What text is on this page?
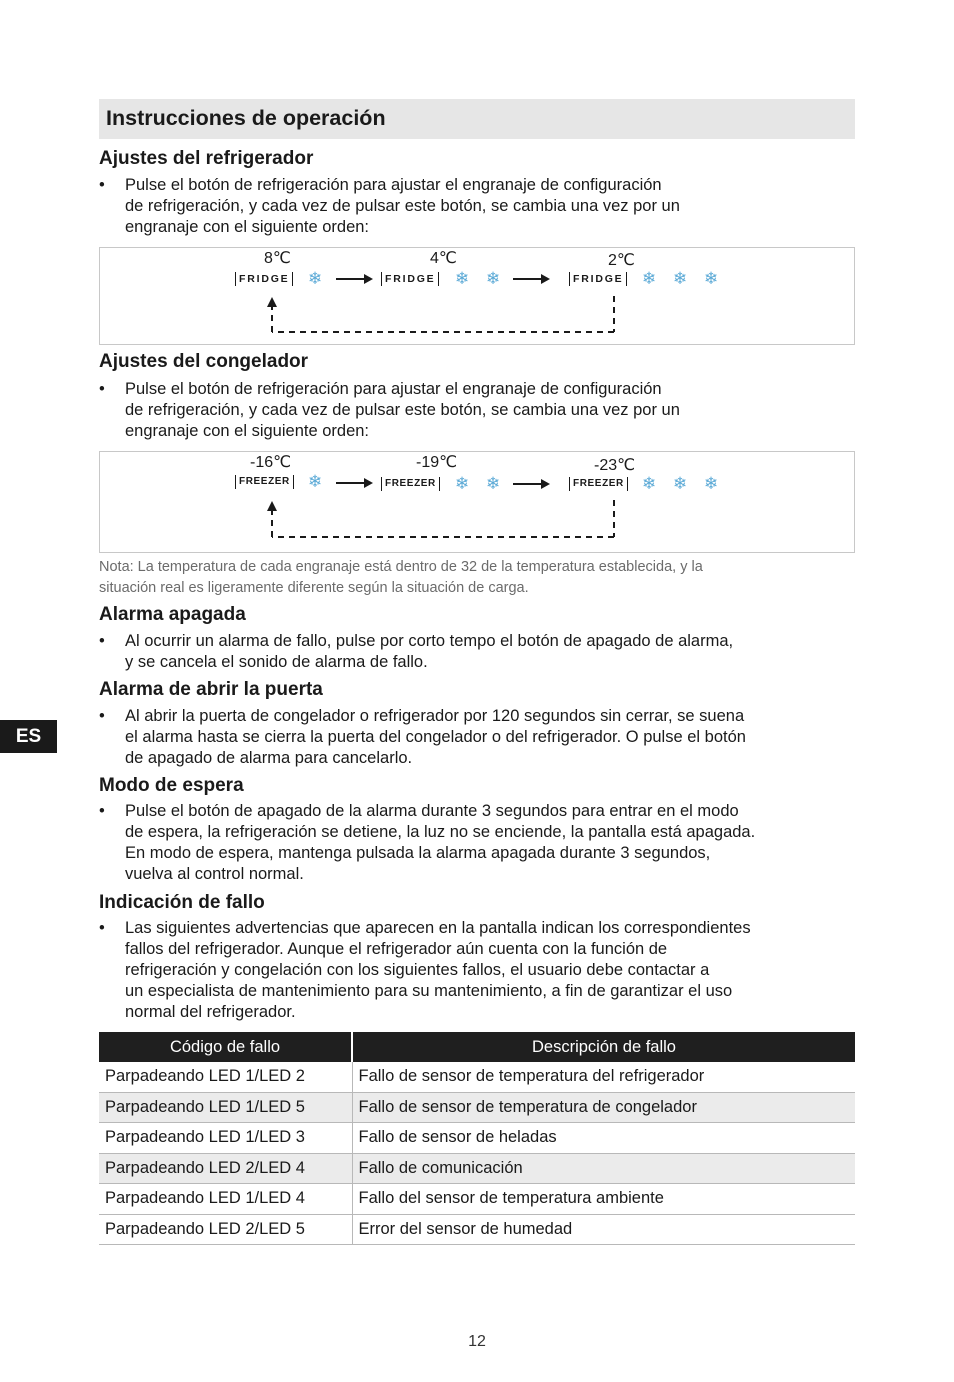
Instrucciones de operación
Ajustes del refrigerador
• Pulse el botón de refrigeración para ajustar el engranaje de configuración
de refrigeración, y cada vez de pulsar este botón, se cambia una vez por un
engranaje con el siguiente orden:
8℃
FRIDGE ❄
4℃
FRIDGE ❄ ❄
2℃
FRIDGE ❄ ❄ ❄
Ajustes del congelador
• Pulse el botón de refrigeración para ajustar el engranaje de configuración
de refrigeración, y cada vez de pulsar este botón, se cambia una vez por un
engranaje con el siguiente orden:
-16℃
FREEZER ❄
-19℃
FREEZER ❄ ❄
-23℃
FREEZER ❄ ❄ ❄
Nota: La temperatura de cada engranaje está dentro de 32 de la temperatura establecida, y la
situación real es ligeramente diferente según la situación de carga.
Alarma apagada
• Al ocurrir un alarma de fallo, pulse por corto tempo el botón de apagado de alarma,
y se cancela el sonido de alarma de fallo.
Alarma de abrir la puerta
• Al abrir la puerta de congelador o refrigerador por 120 segundos sin cerrar, se suena
el alarma hasta se cierra la puerta del congelador o del refrigerador. O pulse el botón
de apagado de alarma para cancelarlo.
ES
Modo de espera
• Pulse el botón de apagado de la alarma durante 3 segundos para entrar en el modo
de espera, la refrigeración se detiene, la luz no se enciende, la pantalla está apagada.
En modo de espera, mantenga pulsada la alarma apagada durante 3 segundos,
vuelva al control normal.
Indicación de fallo
• Las siguientes advertencias que aparecen en la pantalla indican los correspondientes
fallos del refrigerador. Aunque el refrigerador aún cuenta con la función de
refrigeración y congelación con los siguientes fallos, el usuario debe contactar a
un especialista de mantenimiento para su mantenimiento, a fin de garantizar el uso
normal del refrigerador.
Código de fallo	Descripción de fallo
Parpadeando LED 1/LED 2	Fallo de sensor de temperatura del refrigerador
Parpadeando LED 1/LED 5	Fallo de sensor de temperatura de congelador
Parpadeando LED 1/LED 3	Fallo de sensor de heladas
Parpadeando LED 2/LED 4	Fallo de comunicación
Parpadeando LED 1/LED 4	Fallo del sensor de temperatura ambiente
Parpadeando LED 2/LED 5	Error del sensor de humedad
12
